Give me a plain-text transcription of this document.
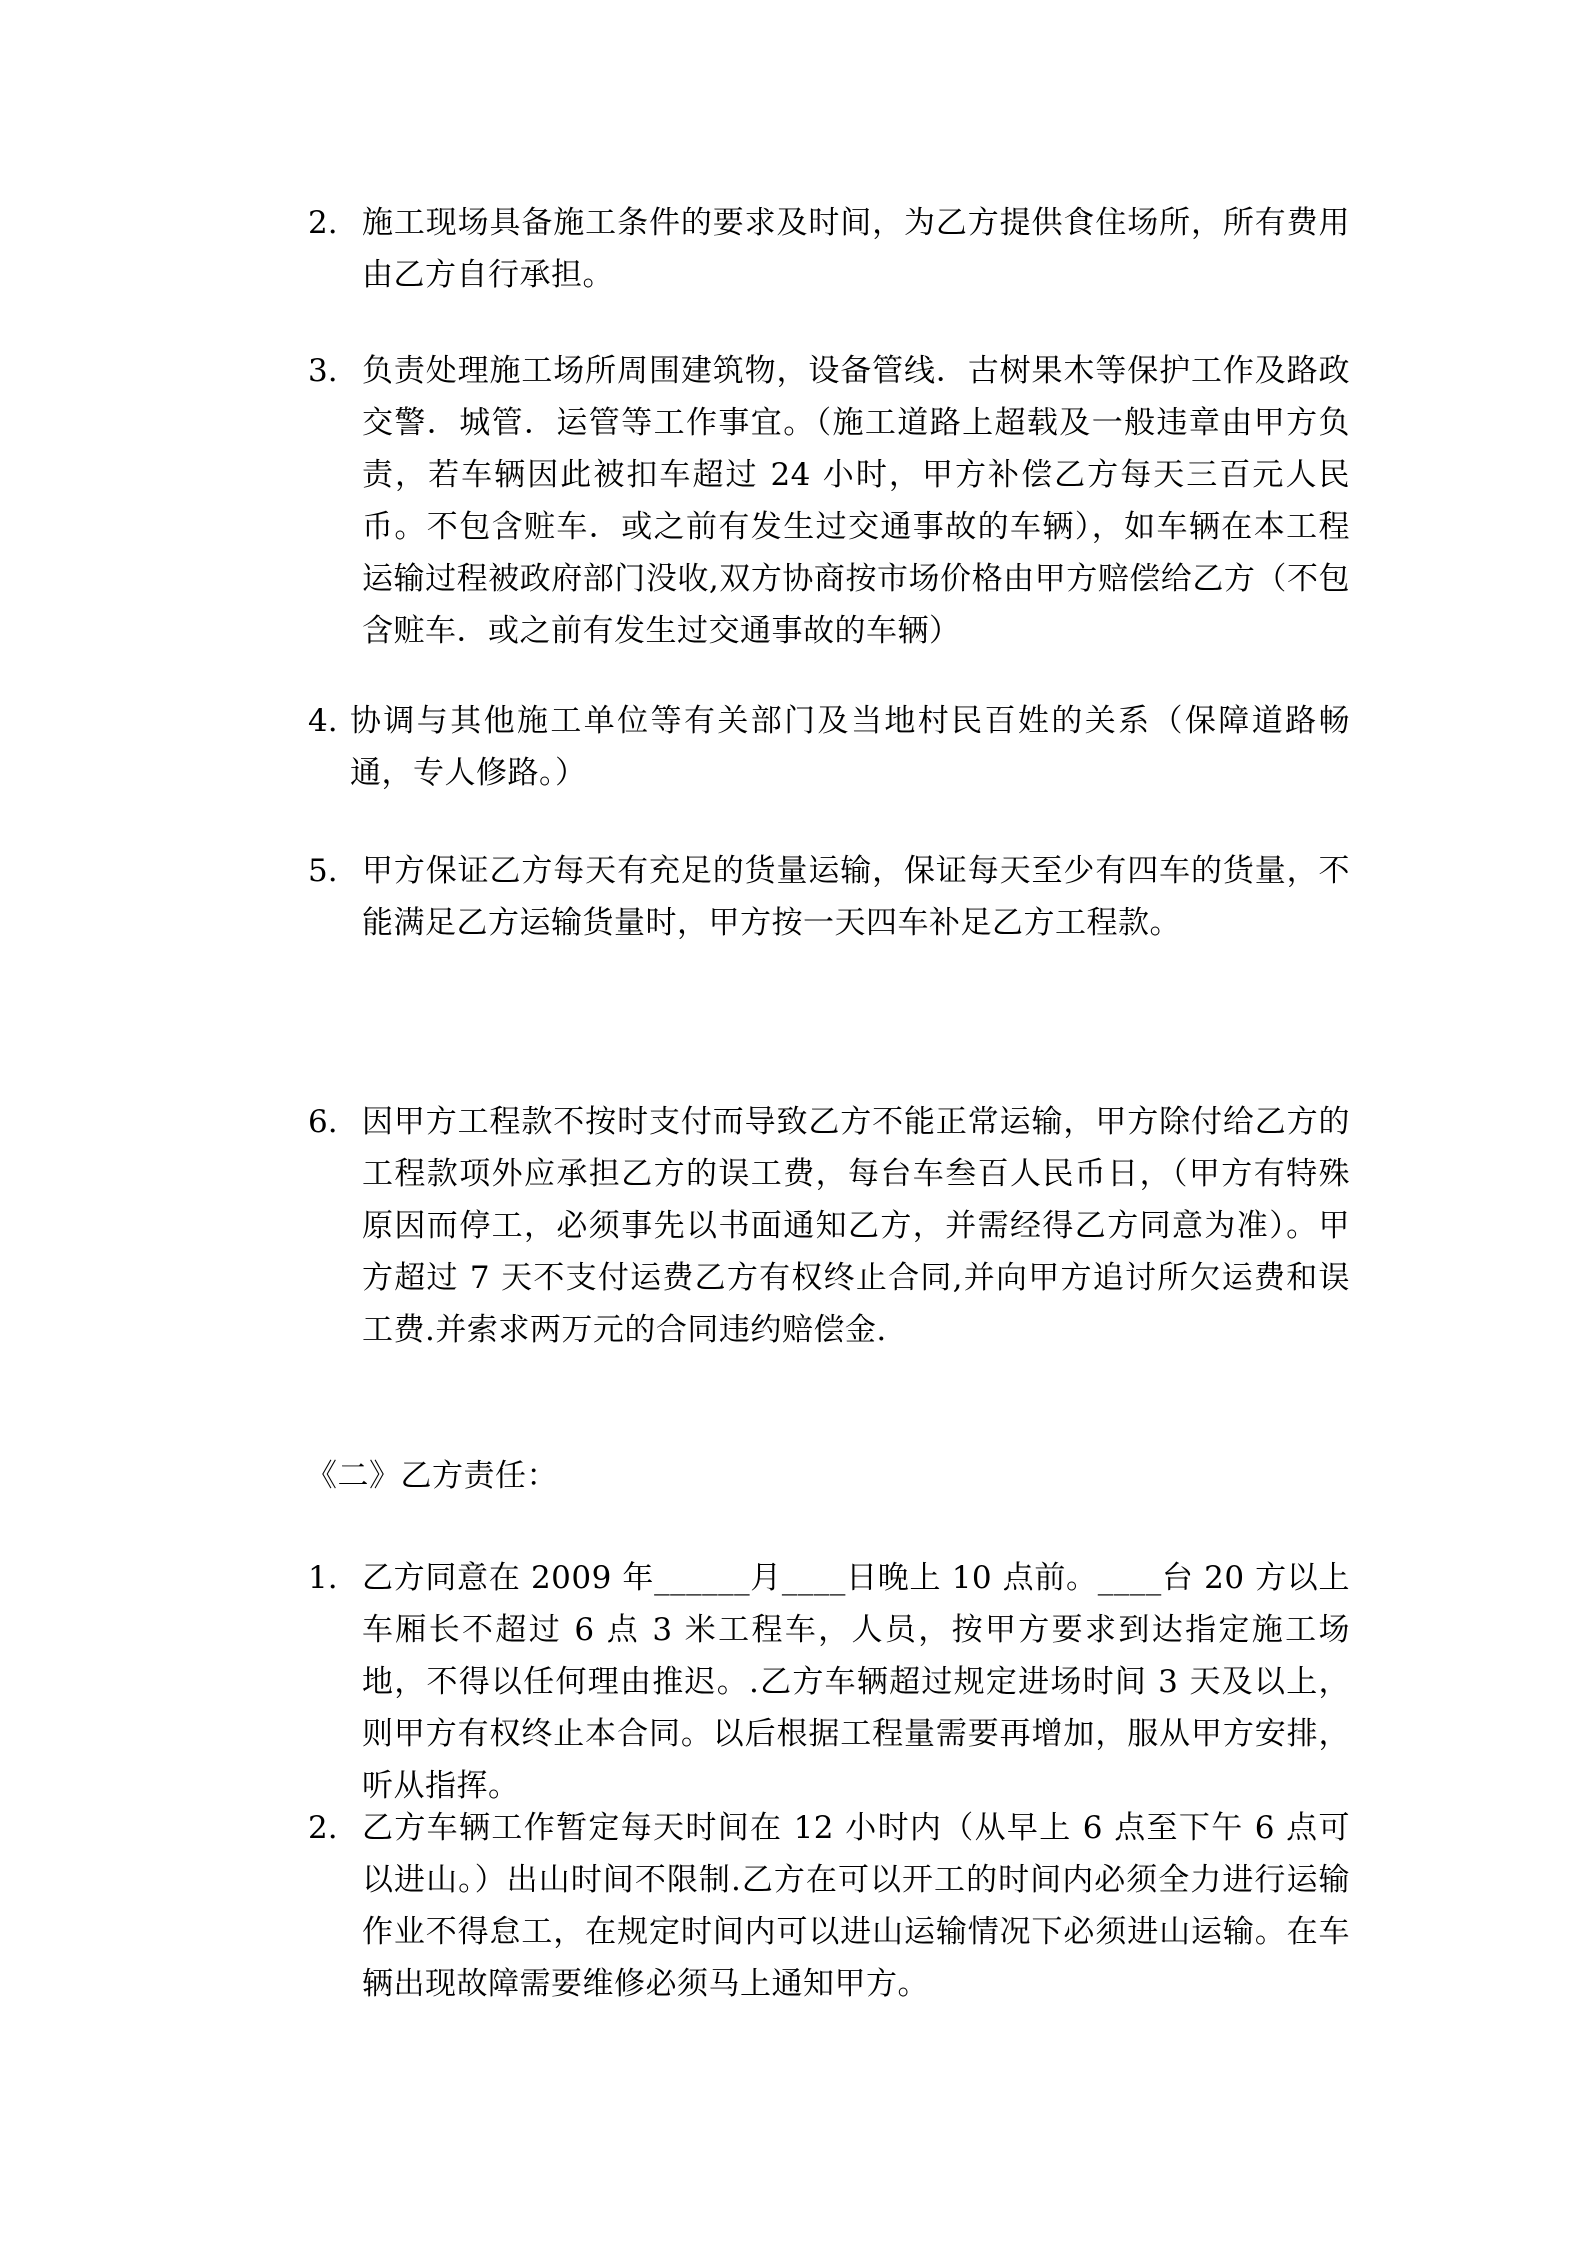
2. 施工现场具备施工条件的要求及时间，为乙方提供食住场所，所有费用由乙方自行承担。
3. 负责处理施工场所周围建筑物，设备管线．古树果木等保护工作及路政交警．城管．运管等工作事宜。（施工道路上超载及一般违章由甲方负责，若车辆因此被扣车超过 24 小时，甲方补偿乙方每天三百元人民币。不包含赃车．或之前有发生过交通事故的车辆），如车辆在本工程运输过程被政府部门没收,双方协商按市场价格由甲方赔偿给乙方（不包含赃车．或之前有发生过交通事故的车辆）
4. 协调与其他施工单位等有关部门及当地村民百姓的关系（保障道路畅通，专人修路。）
5. 甲方保证乙方每天有充足的货量运输，保证每天至少有四车的货量，不能满足乙方运输货量时，甲方按一天四车补足乙方工程款。
6. 因甲方工程款不按时支付而导致乙方不能正常运输，甲方除付给乙方的工程款项外应承担乙方的误工费，每台车叁百人民币日，（甲方有特殊原因而停工，必须事先以书面通知乙方，并需经得乙方同意为准）。甲方超过 7 天不支付运费乙方有权终止合同,并向甲方追讨所欠运费和误工费.并索求两万元的合同违约赔偿金.
《二》乙方责任：
1. 乙方同意在 2009 年______月____日晚上 10 点前。____台 20 方以上车厢长不超过 6 点 3 米工程车，人员，按甲方要求到达指定施工场地，不得以任何理由推迟。.乙方车辆超过规定进场时间 3 天及以上，则甲方有权终止本合同。以后根据工程量需要再增加，服从甲方安排，听从指挥。
2. 乙方车辆工作暂定每天时间在 12 小时内（从早上 6 点至下午 6 点可以进山。）出山时间不限制.乙方在可以开工的时间内必须全力进行运输作业不得怠工，在规定时间内可以进山运输情况下必须进山运输。在车辆出现故障需要维修必须马上通知甲方。
